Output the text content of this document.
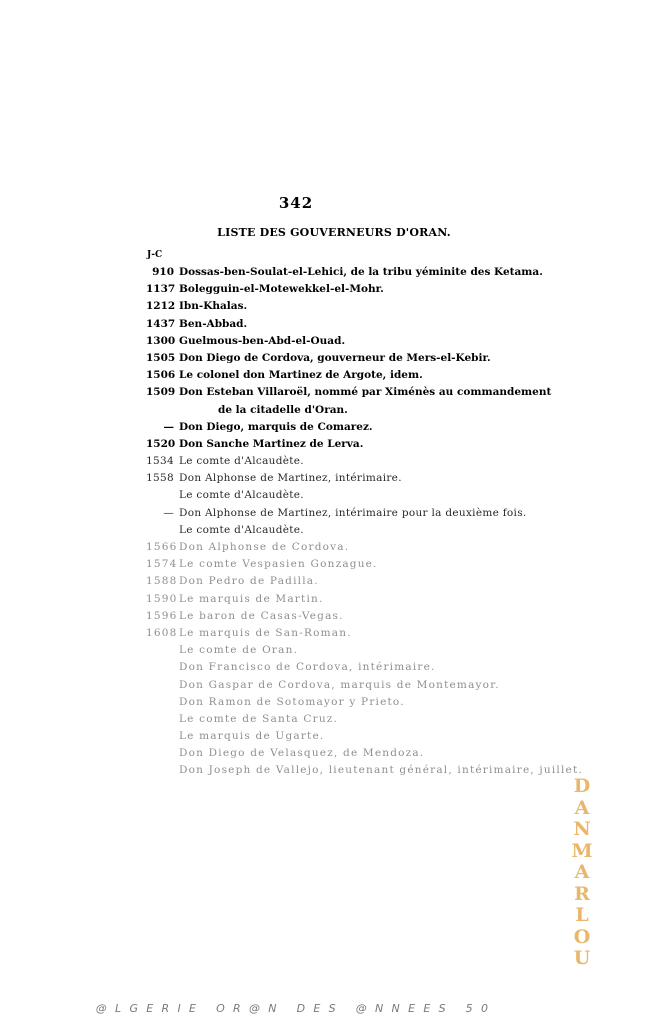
342
LISTE DES GOUVERNEURS D'ORAN.
J-C
910 Dossas-ben-Soulat-el-Lehici, de la tribu yéminite des Ketama.
1137 Bolegguin-el-Motewekkel-el-Mohr.
1212 Ibn-Khalas.
1437 Ben-Abbad.
1300 Guelmous-ben-Abd-el-Ouad.
1505 Don Diego de Cordova, gouverneur de Mers-el-Kebir.
1506 Le colonel don Martinez de Argote, idem.
1509 Don Esteban Villaroël, nommé par Ximénès au commandement
de la citadelle d'Oran.
— Don Diego, marquis de Comarez.
1520 Don Sanche Martinez de Lerva.
1534 Le comte d'Alcaudète.
1558 Don Alphonse de Martinez, intérimaire.
Le comte d'Alcaudète.
— Don Alphonse de Martinez, intérimaire pour la deuxième fois.
Le comte d'Alcaudète.
1566 Don Alphonse de Cordova.
1574 Le comte Vespasien Gonzague.
1588 Don Pedro de Padilla.
1590 Le marquis de Martin.
1596 Le baron de Casas-Vegas.
1608 Le marquis de San-Roman.
Le comte de Oran.
Don Francisco de Cordova, intérimaire.
Don Gaspar de Cordova, marquis de Montemayor.
Don Ramon de Sotomayor y Prieto.
Le comte de Santa Cruz.
Le marquis de Ugarte.
Don Diego de Velasquez, de Mendoza.
Don Joseph de Vallejo, lieutenant général, intérimaire, juillet.
D
A
N
M
A
R
L
O
U
@LGERIE OR@N DES @NNEES 50
